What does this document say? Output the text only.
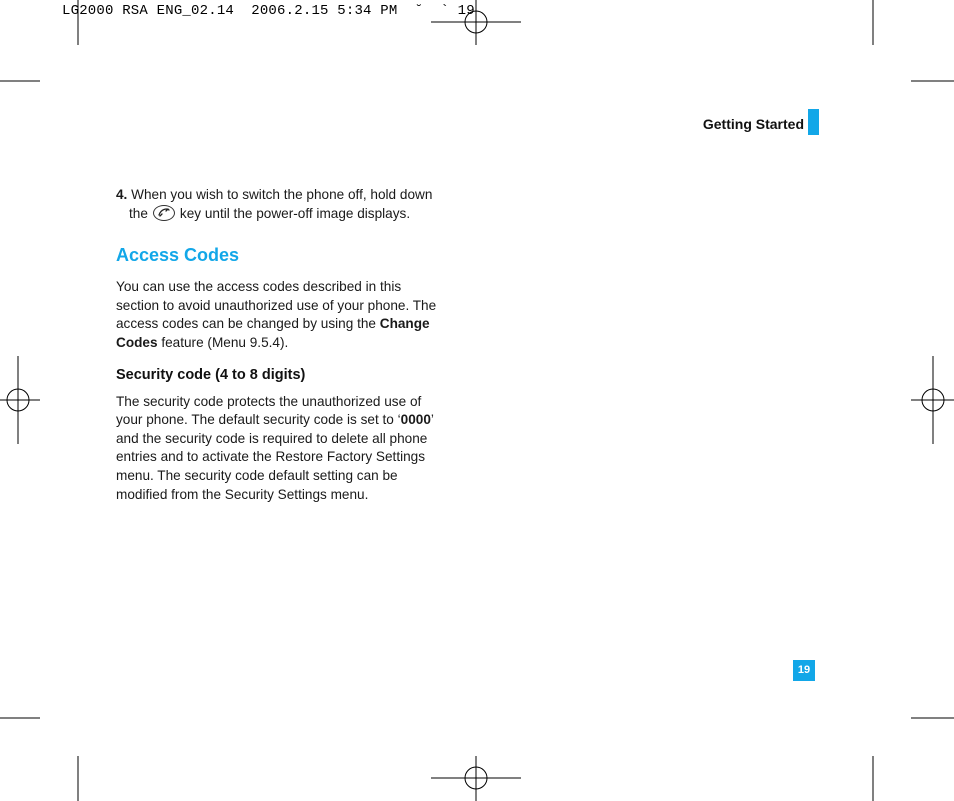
LG2000 RSA ENG_02.14  2006.2.15 5:34 PM  ˘  ` 19
Getting Started

4. When you wish to switch the phone off, hold down the key until the power-off image displays.

Access Codes

You can use the access codes described in this section to avoid unauthorized use of your phone. The access codes can be changed by using the Change Codes feature (Menu 9.5.4).

Security code (4 to 8 digits)

The security code protects the unauthorized use of your phone. The default security code is set to ‘0000’ and the security code is required to delete all phone entries and to activate the Restore Factory Settings menu. The security code default setting can be modified from the Security Settings menu.

19
